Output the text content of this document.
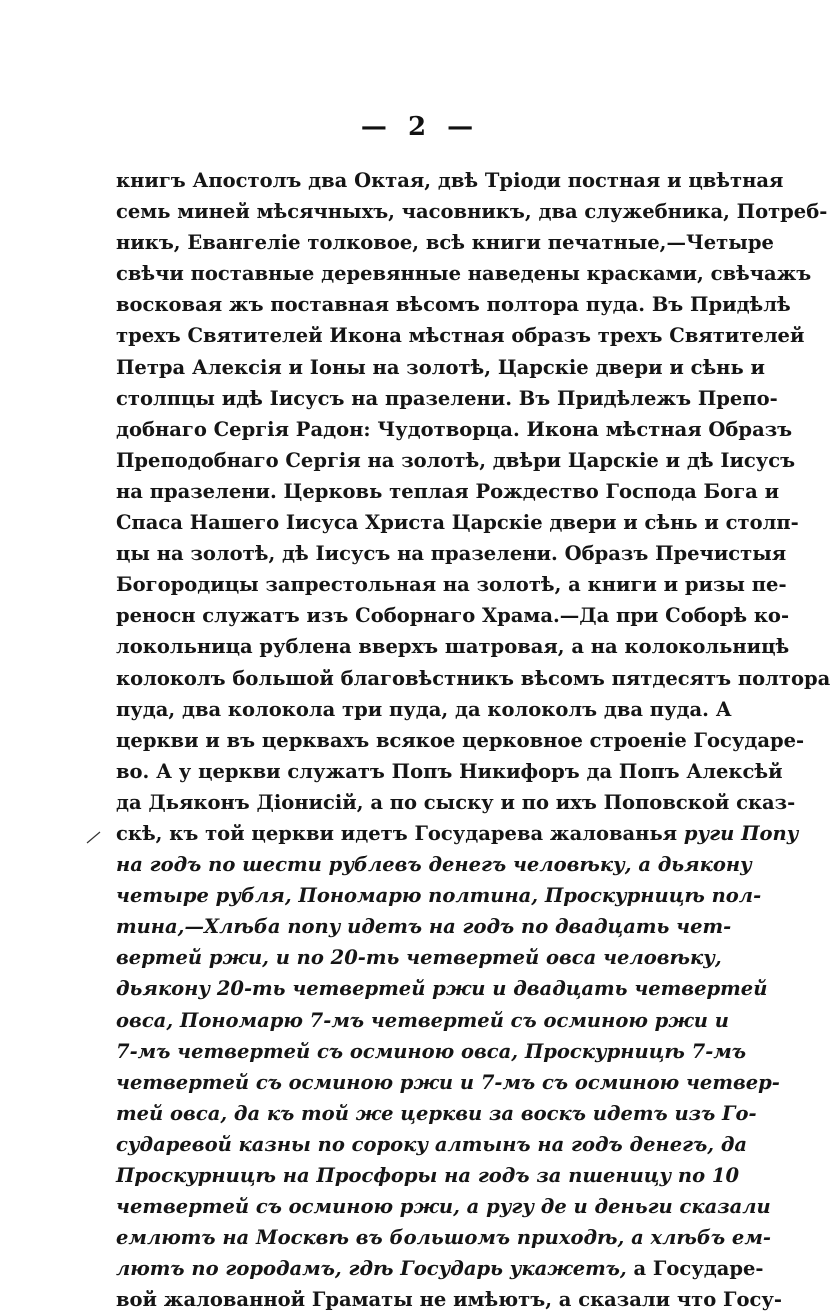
— 2 —
книгъ Апостолъ два Октая, двѣ Тріоди постная и цвѣтная
семь миней мѣсячныхъ, часовникъ, два служебника, Потреб-
никъ, Евангеліе толковое, всѣ книги печатные,—Четыре
свѣчи поставные деревянные наведены красками, свѣчажъ
восковая жъ поставная вѣсомъ полтора пуда. Въ Придѣлѣ
трехъ Святителей Икона мѣстная образъ трехъ Святителей
Петра Алексія и Іоны на золотѣ, Царскіе двери и сѣнь и
столпцы идѣ Іисусъ на празелени. Въ Придѣлежъ Препо-
добнаго Сергія Радон: Чудотворца. Икона мѣстная Образъ
Преподобнаго Сергія на золотѣ, двѣри Царскіе и дѣ Іисусъ
на празелени. Церковь теплая Рождество Господа Бога и
Спаса Нашего Іисуса Христа Царскіе двери и сѣнь и столп-
цы на золотѣ, дѣ Іисусъ на празелени. Образъ Пречистыя
Богородицы запрестольная на золотѣ, а книги и ризы пе-
реносн служатъ изъ Соборнаго Храма.—Да при Соборѣ ко-
локольница рублена вверхъ шатровая, а на колокольницѣ
колоколъ большой благовѣстникъ вѣсомъ пятдесятъ полтора
пуда, два колокола три пуда, да колоколъ два пуда. А
церкви и въ церквахъ всякое церковное строеніе Государе-
во. А у церкви служатъ Попъ Никифоръ да Попъ Алексѣй
да Дьяконъ Діонисій, а по сыску и по ихъ Поповской сказ-
скѣ, къ той церкви идетъ Государева жалованья руги Попу
на годъ по шести рублевъ денегъ человѣку, а дьякону
четыре рубля, Пономарю полтина, Проскурницѣ пол-
тина,—Хлѣба попу идетъ на годъ по двадцать чет-
вертей ржи, и по 20-ть четвертей овса человѣку,
дьякону 20-ть четвертей ржи и двадцать четвертей
овса, Пономарю 7-мъ четвертей съ осминою ржи и
7-мъ четвертей съ осминою овса, Проскурницѣ 7-мъ
четвертей съ осминою ржи и 7-мъ съ осминою четвер-
тей овса, да къ той же церкви за воскъ идетъ изъ Го-
сударевой казны по сороку алтынъ на годъ денегъ, да
Проскурницѣ на Просфоры на годъ за пшеницу по 10
четвертей съ осминою ржи, а ругу де и деньги сказали
емлютъ на Москвѣ въ большомъ приходѣ, а хлѣбъ ем-
лютъ по городамъ, гдѣ Государь укажетъ, а Государе-
вой жалованной Граматы не имѣютъ, а сказали что Госу-
